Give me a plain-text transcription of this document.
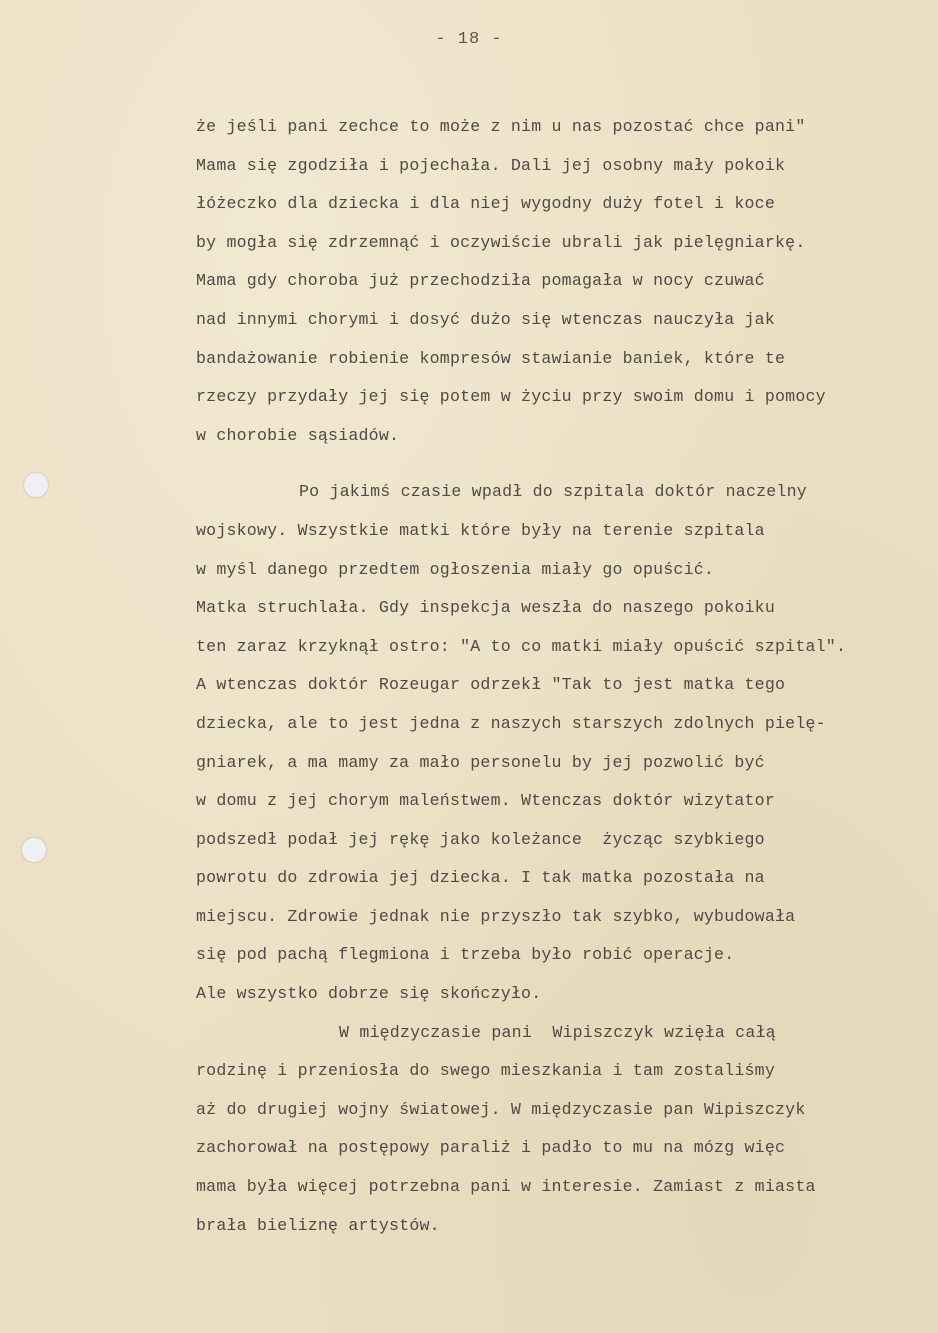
- 18 -
że jeśli pani zechce to może z nim u nas pozostać chce pani"
Mama się zgodziła i pojechała. Dali jej osobny mały pokoik
łóżeczko dla dziecka i dla niej wygodny duży fotel i koce
by mogła się zdrzemnąć i oczywiście ubrali jak pielęgniarkę.
Mama gdy choroba już przechodziła pomagała w nocy czuwać
nad innymi chorymi i dosyć dużo się wtenczas nauczyła jak
bandażowanie robienie kompresów stawianie baniek, które te
rzeczy przydały jej się potem w życiu przy swoim domu i pomocy
w chorobie sąsiadów.
Po jakimś czasie wpadł do szpitala doktór naczelny
wojskowy. Wszystkie matki które były na terenie szpitala
w myśl danego przedtem ogłoszenia miały go opuścić.
Matka struchlała. Gdy inspekcja weszła do naszego pokoiku
ten zaraz krzyknął ostro: "A to co matki miały opuścić szpital".
A wtenczas doktór Rozeugar odrzekł "Tak to jest matka tego
dziecka, ale to jest jedna z naszych starszych zdolnych pielę-
gniarek, a ma mamy za mało personelu by jej pozwolić być
w domu z jej chorym maleństwem. Wtenczas doktór wizytator
podszedł podał jej rękę jako koleżance  życząc szybkiego
powrotu do zdrowia jej dziecka. I tak matka pozostała na
miejscu. Zdrowie jednak nie przyszło tak szybko, wybudowała
się pod pachą flegmiona i trzeba było robić operacje.
Ale wszystko dobrze się skończyło.
W międzyczasie pani  Wipiszczyk wzięła całą
rodzinę i przeniosła do swego mieszkania i tam zostaliśmy
aż do drugiej wojny światowej. W międzyczasie pan Wipiszczyk
zachorował na postępowy paraliż i padło to mu na mózg więc
mama była więcej potrzebna pani w interesie. Zamiast z miasta
brała bieliznę artystów.
